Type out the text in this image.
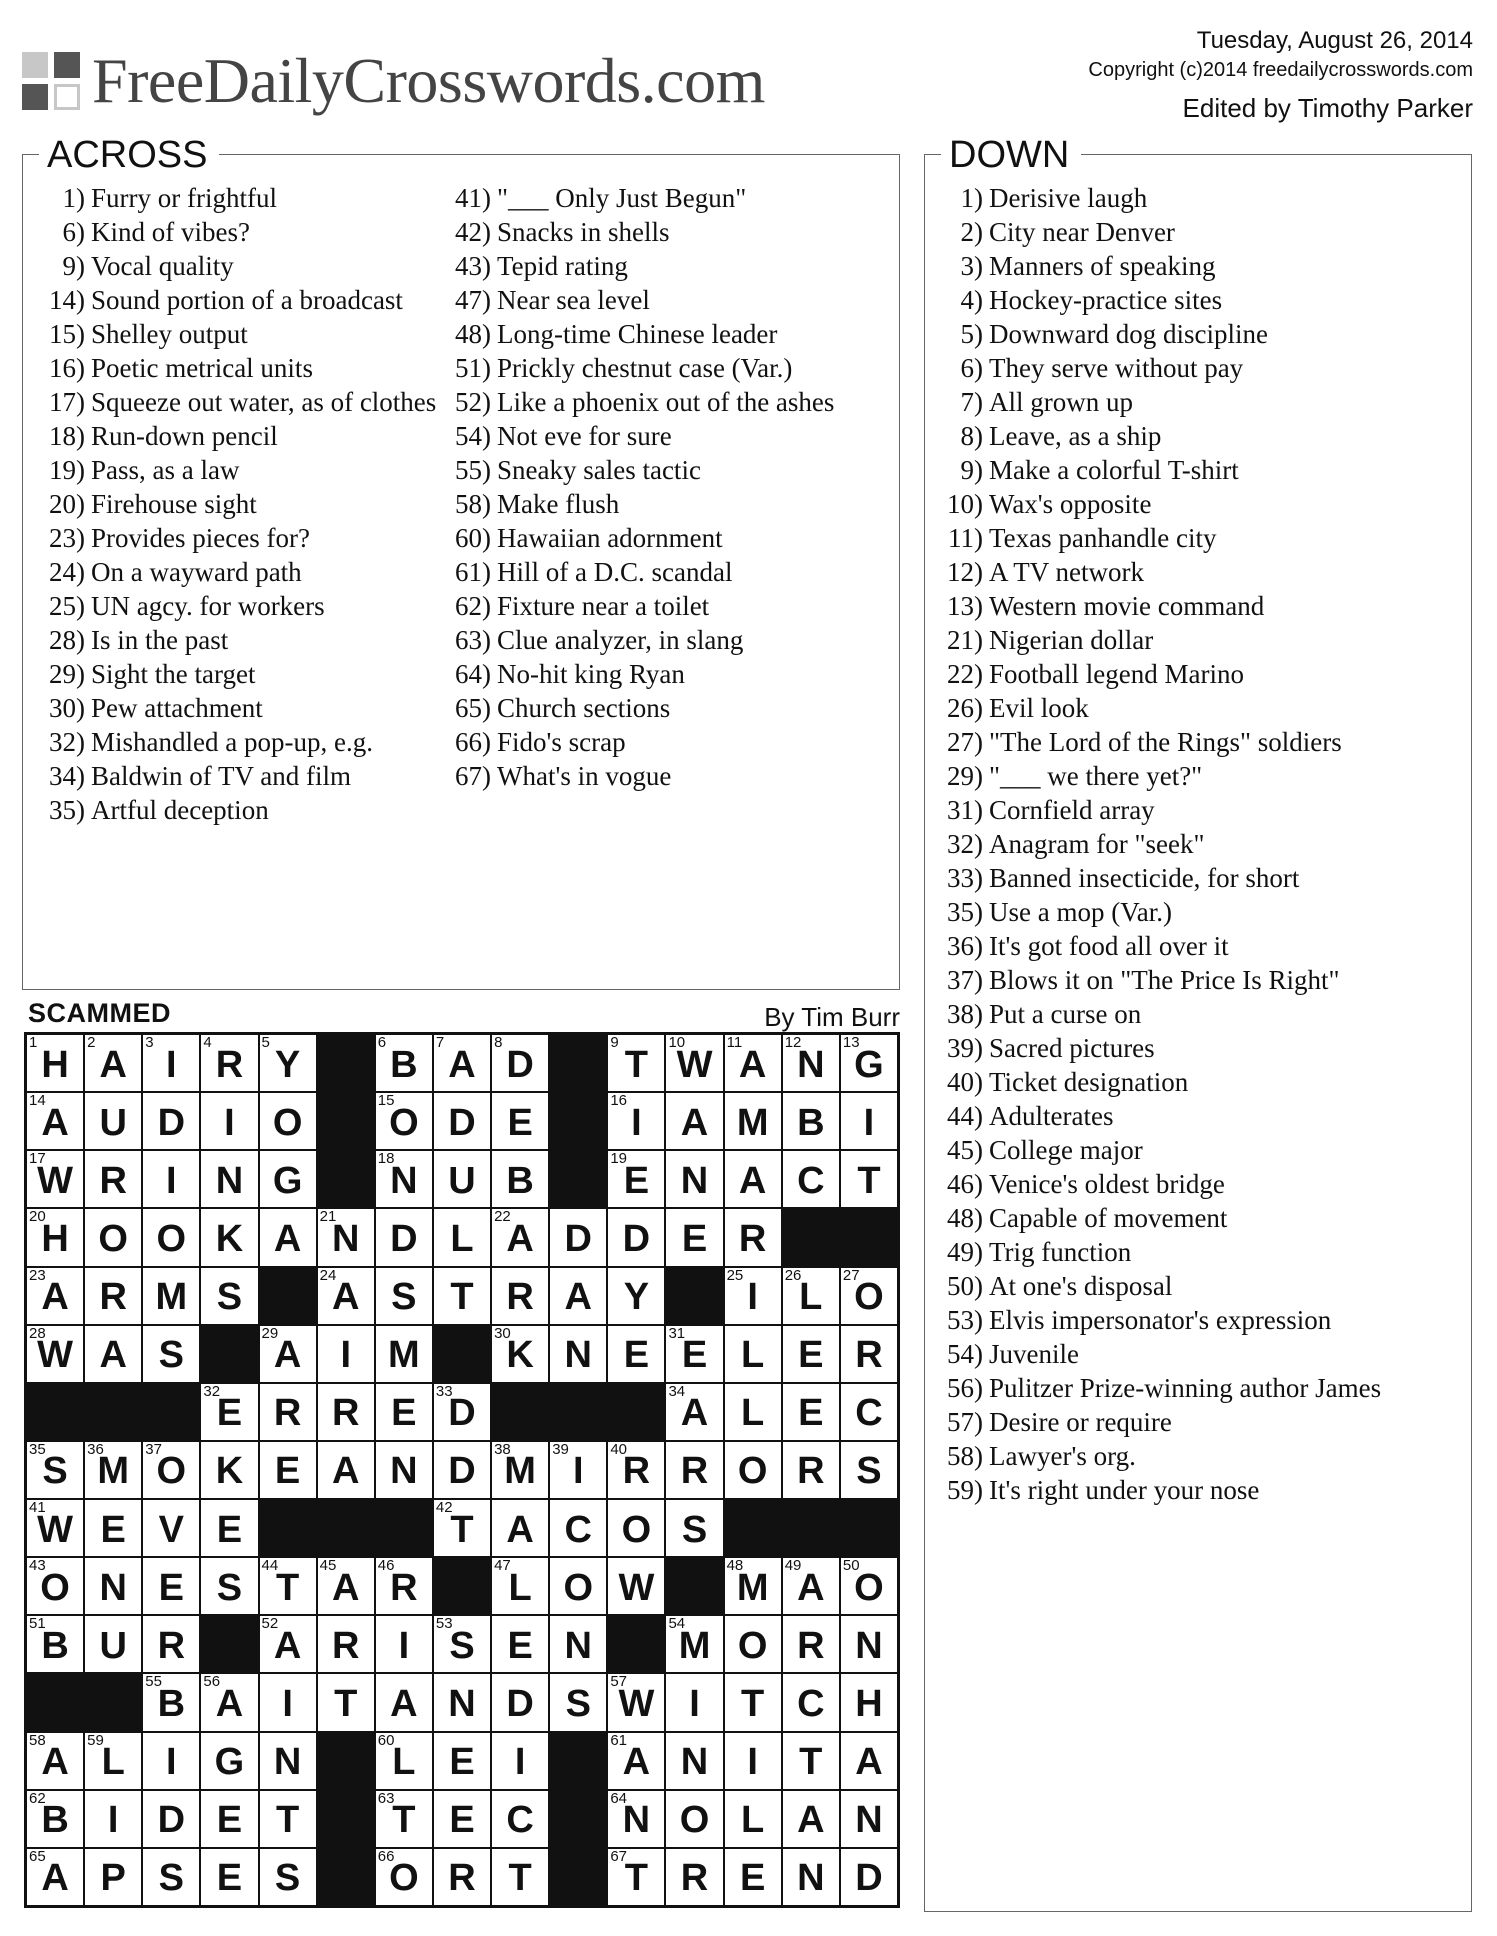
FreeDailyCrosswords.com
Tuesday, August 26, 2014
Copyright (c)2014 freedailycrosswords.com
Edited by Timothy Parker
ACROSS
1) Furry or frightful
6) Kind of vibes?
9) Vocal quality
14) Sound portion of a broadcast
15) Shelley output
16) Poetic metrical units
17) Squeeze out water, as of clothes
18) Run-down pencil
19) Pass, as a law
20) Firehouse sight
23) Provides pieces for?
24) On a wayward path
25) UN agcy. for workers
28) Is in the past
29) Sight the target
30) Pew attachment
32) Mishandled a pop-up, e.g.
34) Baldwin of TV and film
35) Artful deception
41) "___ Only Just Begun"
42) Snacks in shells
43) Tepid rating
47) Near sea level
48) Long-time Chinese leader
51) Prickly chestnut case (Var.)
52) Like a phoenix out of the ashes
54) Not eve for sure
55) Sneaky sales tactic
58) Make flush
60) Hawaiian adornment
61) Hill of a D.C. scandal
62) Fixture near a toilet
63) Clue analyzer, in slang
64) No-hit king Ryan
65) Church sections
66) Fido's scrap
67) What's in vogue
DOWN
1) Derisive laugh
2) City near Denver
3) Manners of speaking
4) Hockey-practice sites
5) Downward dog discipline
6) They serve without pay
7) All grown up
8) Leave, as a ship
9) Make a colorful T-shirt
10) Wax's opposite
11) Texas panhandle city
12) A TV network
13) Western movie command
21) Nigerian dollar
22) Football legend Marino
26) Evil look
27) "The Lord of the Rings" soldiers
29) "___ we there yet?"
31) Cornfield array
32) Anagram for "seek"
33) Banned insecticide, for short
35) Use a mop (Var.)
36) It's got food all over it
37) Blows it on "The Price Is Right"
38) Put a curse on
39) Sacred pictures
40) Ticket designation
44) Adulterates
45) College major
46) Venice's oldest bridge
48) Capable of movement
49) Trig function
50) At one's disposal
53) Elvis impersonator's expression
54) Juvenile
56) Pulitzer Prize-winning author James
57) Desire or require
58) Lawyer's org.
59) It's right under your nose
SCAMMED	By Tim Burr
1
H
2
A
3
I
4
R
5
Y
6
B
7
A
8
D
9
T
10
W
11
A
12
N
13
G
14
A U D	I	O
15
O D E
16
I	A M B	I
17
W R	I	N G
18
N U B
19
E N A C T
20
H O O K A
21
N D L
22
A D D E R
23
A R M S
24
A S T R A Y
25
I
26
L
27
O
28
W A S
29
A	I M
30
K N E
31
E L E R
32
E R R E
33
D
34
A L E C
35
S
36
M
37
O K E A N D
38
M
39
I
40
R R O R S
41
W E V E
42
T A C O S
43
O N E S
44
T
45
A
46
R
47
L O W
48
M
49
A
50
O
51
B U R
52
A R	I
53
S E N
54
M O R N
55
B
56
A	I	T A N D S
57
W I	T C H
58
A
59
L	I	G N
60
L E	I
61
A N	I	T A
62
B	I	D E T
63
T E C
64
N O L A N
65
A P S E S
66
O R T
67
T R E N D
